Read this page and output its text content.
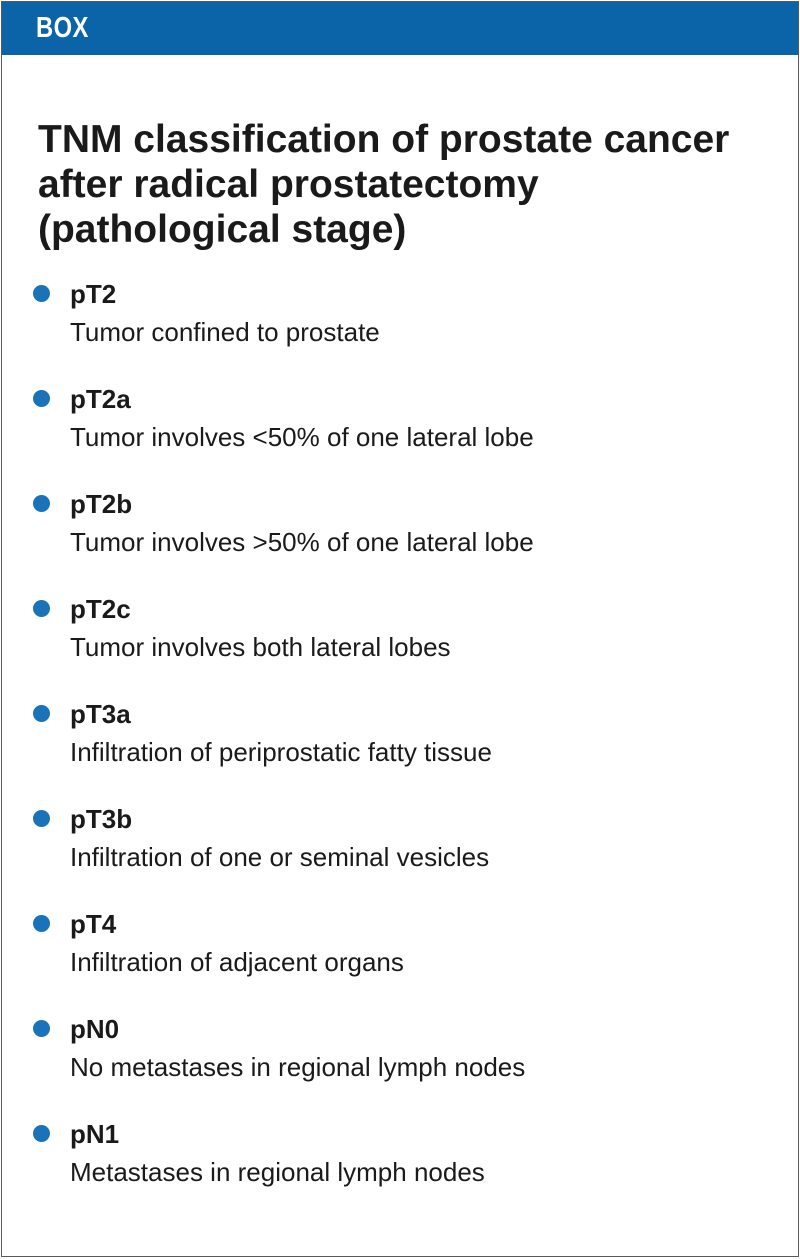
BOX
TNM classification of prostate cancer after radical prostatectomy (pathological stage)
pT2
Tumor confined to prostate
pT2a
Tumor involves <50% of one lateral lobe
pT2b
Tumor involves >50% of one lateral lobe
pT2c
Tumor involves both lateral lobes
pT3a
Infiltration of periprostatic fatty tissue
pT3b
Infiltration of one or seminal vesicles
pT4
Infiltration of adjacent organs
pN0
No metastases in regional lymph nodes
pN1
Metastases in regional lymph nodes
